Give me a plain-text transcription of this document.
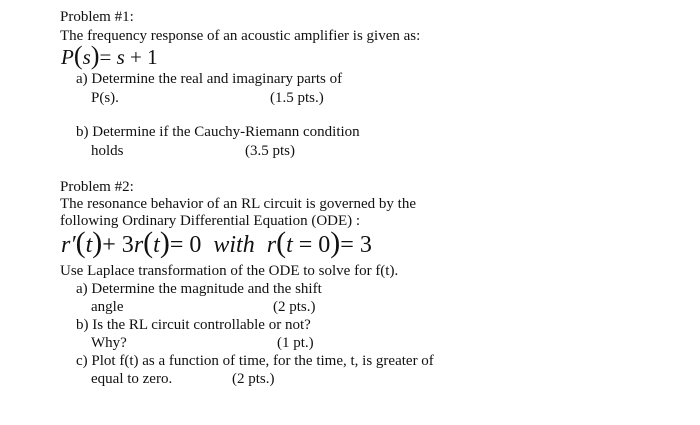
Problem #1:
The frequency response of an acoustic amplifier is given as:
P(s)= s + 1
a) Determine the real and imaginary parts of
P(s).	(1.5 pts.)
b) Determine if the Cauchy-Riemann condition
holds	(3.5 pts)
Problem #2:
The resonance behavior of an RL circuit is governed by the
following Ordinary Differential Equation (ODE) :
r′(t)+ 3r(t)= 0 with r(t = 0)= 3
Use Laplace transformation of the ODE to solve for f(t).
a) Determine the magnitude and the shift
angle	(2 pts.)
b) Is the RL circuit controllable or not?
Why?	(1 pt.)
c) Plot f(t) as a function of time, for the time, t, is greater of
equal to zero.	(2 pts.)
